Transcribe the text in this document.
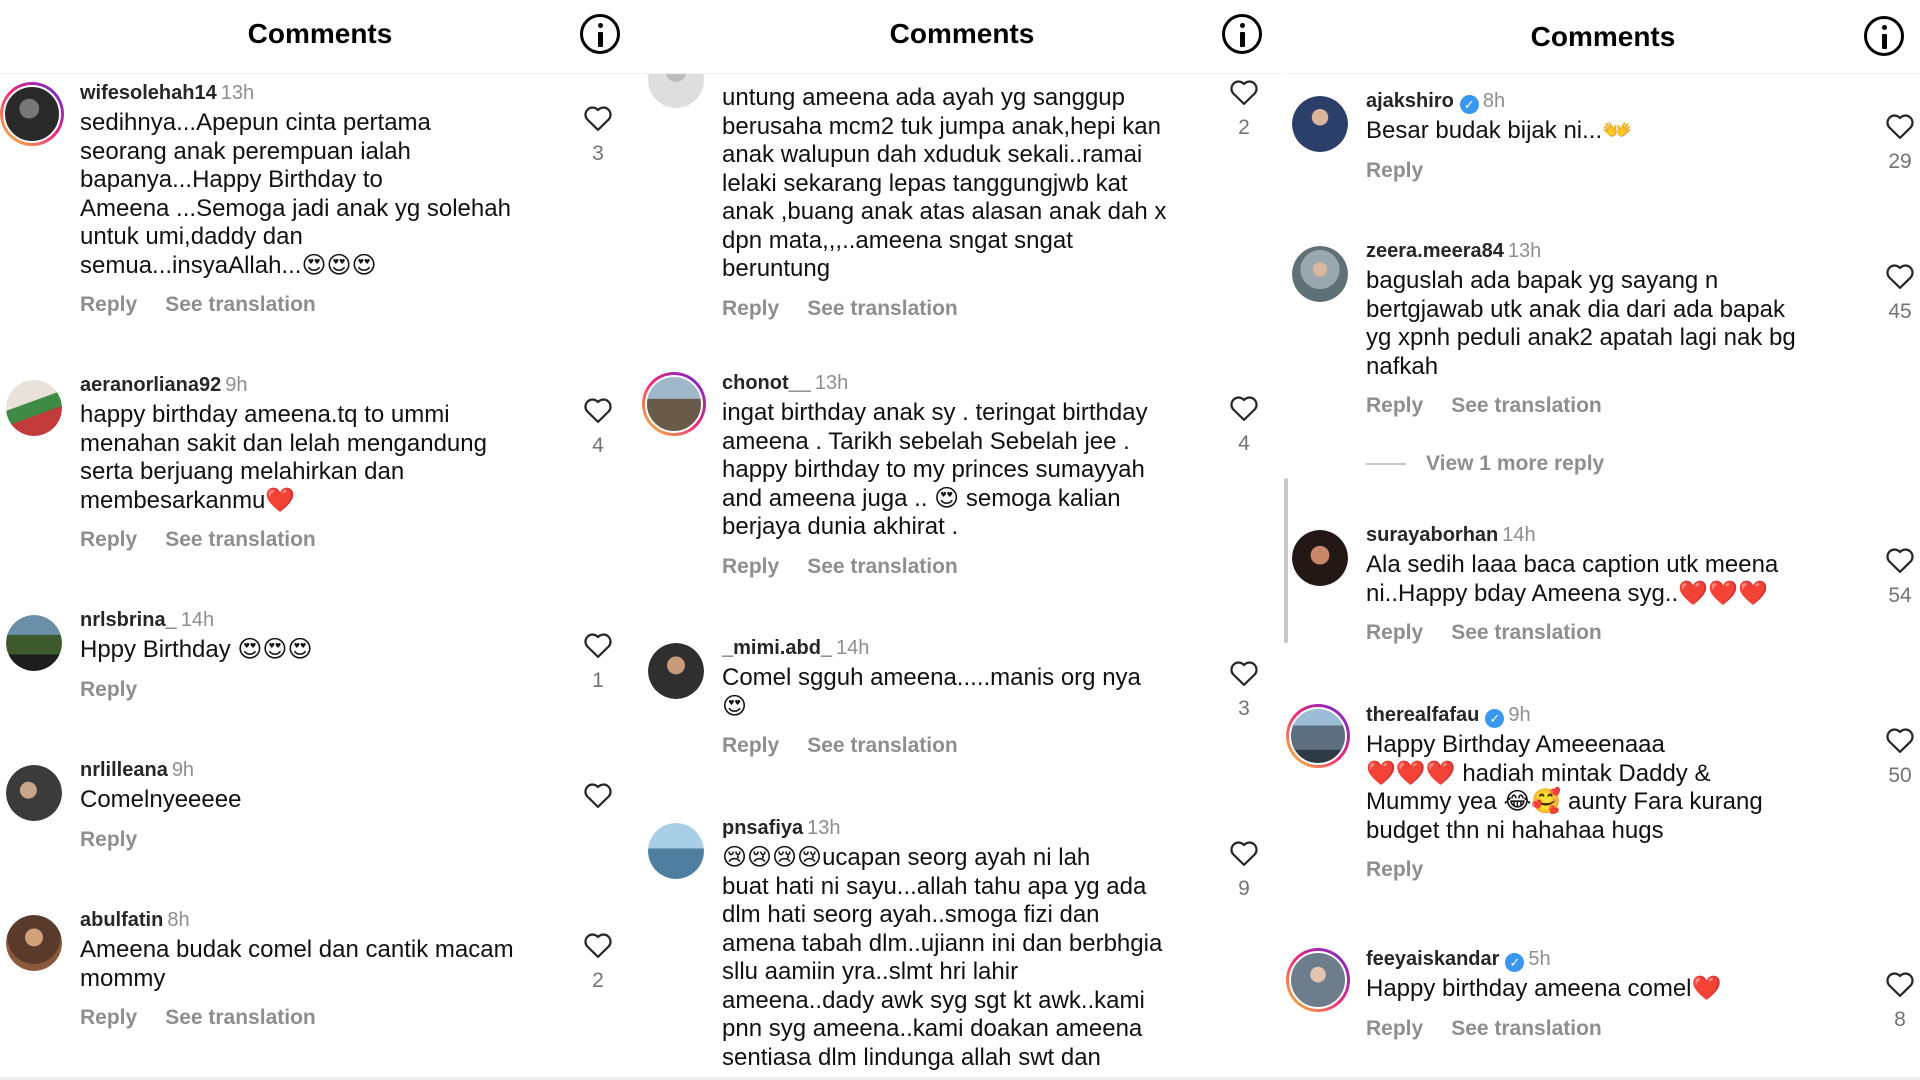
Comments
wifesolehah14 13h
sedihnya...Apepun cinta pertama
seorang anak perempuan ialah
bapanya...Happy Birthday to
Ameena ...Semoga jadi anak yg solehah
untuk umi,daddy dan
semua...insyaAllah...😍😍😍
Reply See translation
3
aeranorliana92 9h
happy birthday ameena.tq to ummi
menahan sakit dan lelah mengandung
serta berjuang melahirkan dan
membesarkanmu❤️
Reply See translation
4
nrlsbrina_ 14h
Hppy Birthday 😍😍😍
Reply	1
nrlilleana 9h
Comelnyeeeee
Reply
abulfatin 8h
Ameena budak comel dan cantik macam
mommy
Reply See translation
2
untung ameena ada ayah yg sanggup
berusaha mcm2 tuk jumpa anak,hepi kan
anak walupun dah xduduk sekali..ramai
lelaki sekarang lepas tanggungjwb kat
anak ,buang anak atas alasan anak dah x
dpn mata,,,..ameena sngat sngat
beruntung
Reply See translation
2
Comments
chonot__ 13h
ingat birthday anak sy . teringat birthday
ameena . Tarikh sebelah Sebelah jee .
happy birthday to my princes sumayyah
and ameena juga .. 😍 semoga kalian
berjaya dunia akhirat .
Reply See translation
4
_mimi.abd_ 14h
Comel sgguh ameena.....manis org nya
😍
Reply See translation
3
pnsafiya 13h
😢😢😢😢ucapan seorg ayah ni lah
buat hati ni sayu...allah tahu apa yg ada
dlm hati seorg ayah..smoga fizi dan
amena tabah dlm..ujiann ini dan berbhgia
sllu aamiin yra..slmt hri lahir
ameena..dady awk syg sgt kt awk..kami
pnn syg ameena..kami doakan ameena
sentiasa dlm lindunga allah swt dan
9
Comments
ajakshiro ✓ 8h
Besar budak bijak ni...👐
Reply	29
zeera.meera84 13h
baguslah ada bapak yg sayang n
bertgjawab utk anak dia dari ada bapak
yg xpnh peduli anak2 apatah lagi nak bg
nafkah
Reply See translation
45
View 1 more reply
surayaborhan 14h
Ala sedih laaa baca caption utk meena
ni..Happy bday Ameena syg..❤️❤️❤️
Reply See translation
54
therealfafau ✓ 9h
Happy Birthday Ameeenaaa
❤️❤️❤️ hadiah mintak Daddy &
Mummy yea 😂🥰 aunty Fara kurang
budget thn ni hahahaa hugs
Reply
50
feeyaiskandar ✓ 5h
Happy birthday ameena comel❤️
Reply See translation	8
